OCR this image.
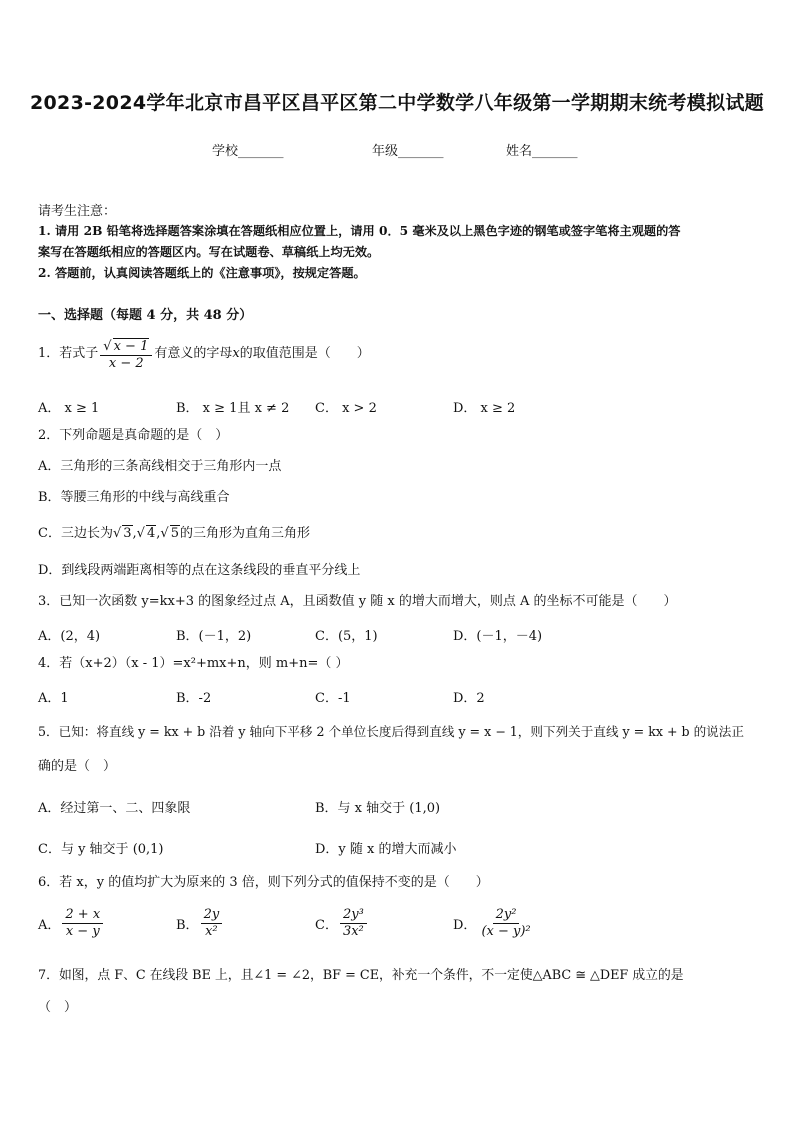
2023-2024学年北京市昌平区昌平区第二中学数学八年级第一学期期末统考模拟试题
学校_______	年级_______	姓名_______
请考生注意：
1. 请用 2B 铅笔将选择题答案涂填在答题纸相应位置上，请用 0．5 毫米及以上黑色字迹的钢笔或签字笔将主观题的答
案写在答题纸相应的答题区内。写在试题卷、草稿纸上均无效。
2. 答题前，认真阅读答题纸上的《注意事项》，按规定答题。
一、选择题（每题 4 分，共 48 分）
1．若式子 $\frac{√ x - 1}{x - 2}$ 有意义的字母 x 的取值范围是（　　）
A． x ≥ 1	B． x ≥ 1且 x ≠ 2 C． x > 2	D． x ≥ 2
2．下列命题是真命题的是（　）
A．三角形的三条高线相交于三角形内一点
B．等腰三角形的中线与高线重合
C．三边长为√ 3,√ 4,√ 5的三角形为直角三角形
D．到线段两端距离相等的点在这条线段的垂直平分线上
3．已知一次函数 y=kx+3 的图象经过点 A，且函数值 y 随 x 的增大而增大，则点 A 的坐标不可能是（　　）
A．(2，4)	B．(－1，2)	C．(5，1)	D．(－1，－4)
4．若（x+2）（x - 1）=x²+mx+n，则 m+n=（ ）
A．1	B．-2	C．-1	D．2
5．已知：将直线 y = kx + b 沿着 y 轴向下平移 2 个单位长度后得到直线 y = x − 1，则下列关于直线 y = kx + b 的说法正
确的是（　）
A．经过第一、二、四象限	B．与 x 轴交于 (1,0)
C．与 y 轴交于 (0,1)	D．y 随 x 的增大而减小
6．若 x，y 的值均扩大为原来的 3 倍，则下列分式的值保持不变的是（　　）
A． $\frac{2 + x}{x - y}$	B． $\frac{2y}{\text{x²}}$	C． $\frac{\text{2y³}}{\text{3x²}}$	D． $\frac{\text{2y²}}{\text{(x − y)²}}$
7．如图，点 F、C 在线段 BE 上，且∠1 = ∠2，BF = CE，补充一个条件，不一定使△ABC ≅ △DEF 成立的是
（　）
